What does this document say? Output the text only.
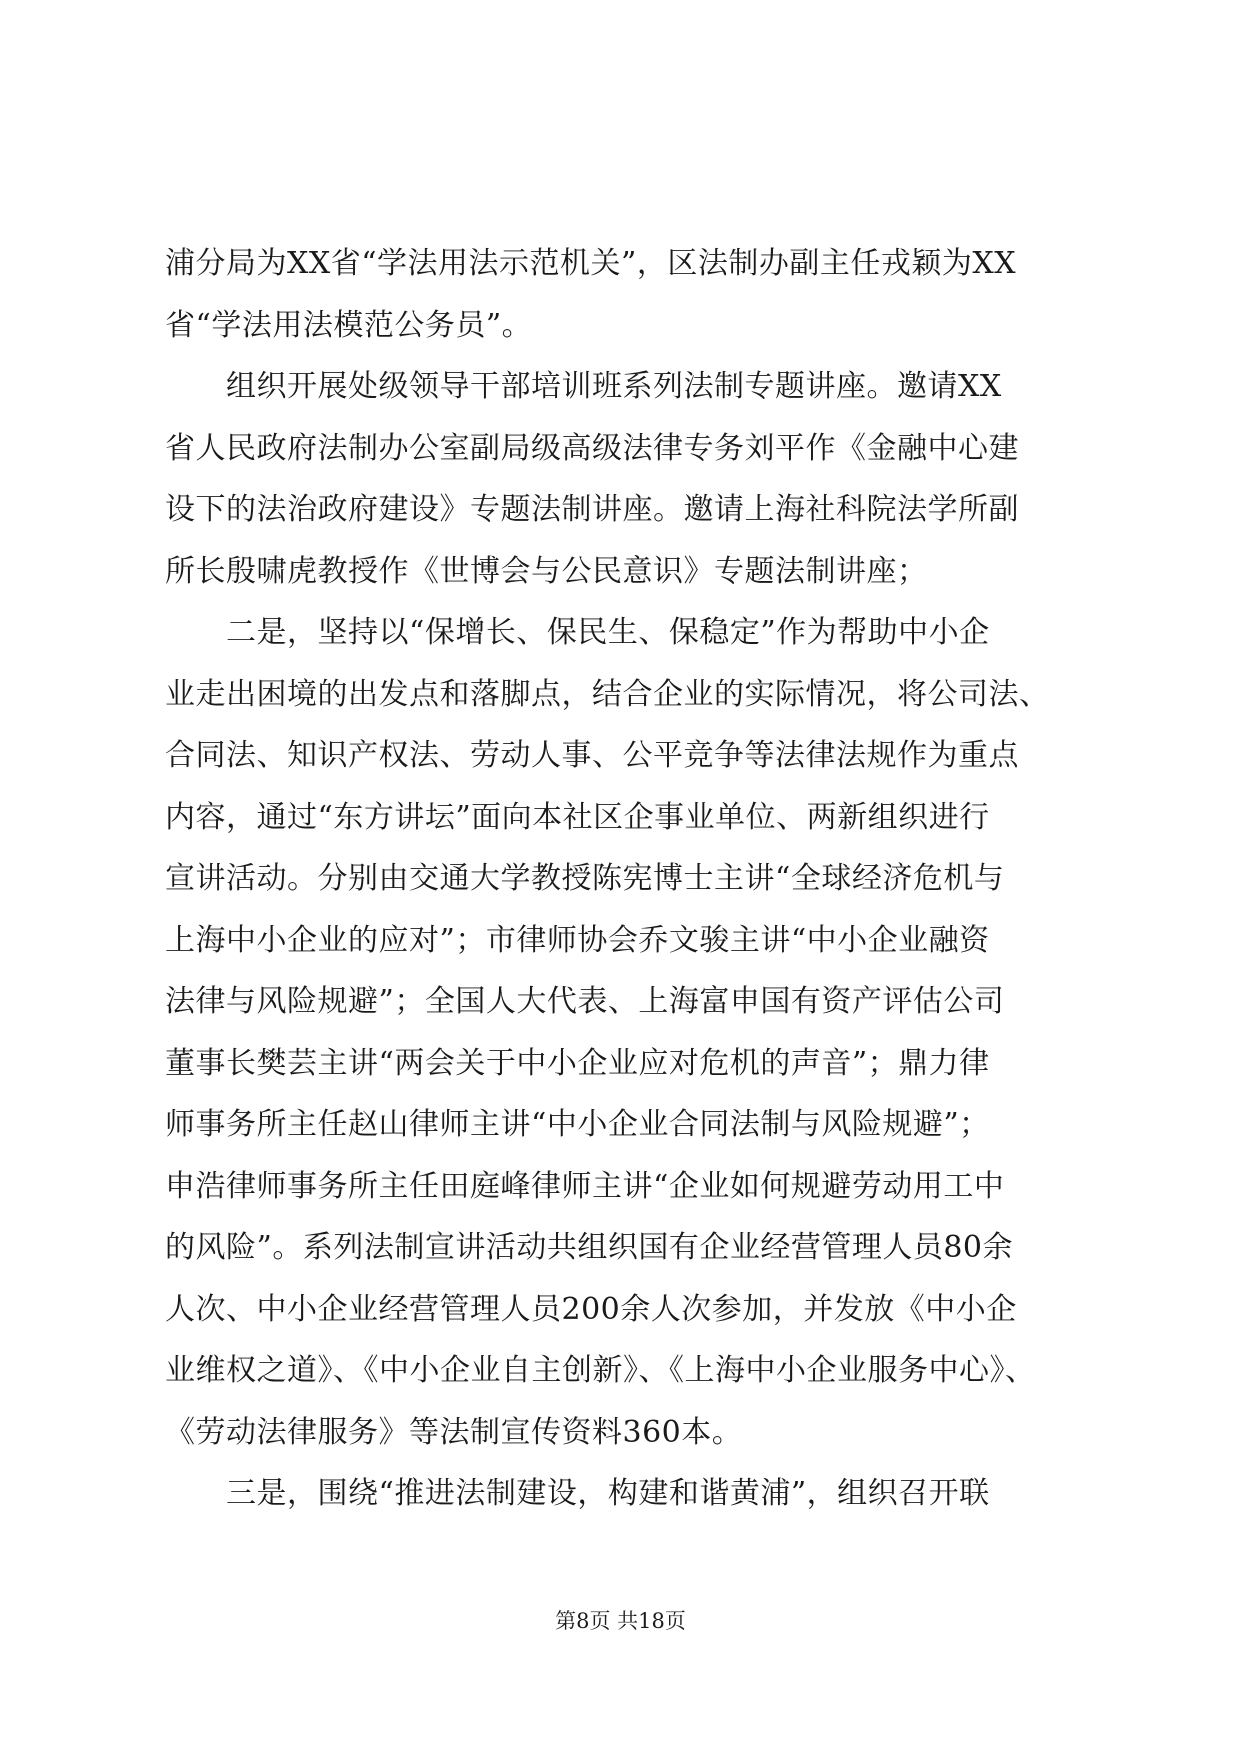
浦分局为XX省“学法用法示范机关”，区法制办副主任戎颖为XX
省“学法用法模范公务员”。
　　组织开展处级领导干部培训班系列法制专题讲座。邀请XX
省人民政府法制办公室副局级高级法律专务刘平作《金融中心建
设下的法治政府建设》专题法制讲座。邀请上海社科院法学所副
所长殷啸虎教授作《世博会与公民意识》专题法制讲座；
　　二是，坚持以“保增长、保民生、保稳定”作为帮助中小企
业走出困境的出发点和落脚点，结合企业的实际情况，将公司法、
合同法、知识产权法、劳动人事、公平竞争等法律法规作为重点
内容，通过“东方讲坛”面向本社区企事业单位、两新组织进行
宣讲活动。分别由交通大学教授陈宪博士主讲“全球经济危机与
上海中小企业的应对”；市律师协会乔文骏主讲“中小企业融资
法律与风险规避”；全国人大代表、上海富申国有资产评估公司
董事长樊芸主讲“两会关于中小企业应对危机的声音”；鼎力律
师事务所主任赵山律师主讲“中小企业合同法制与风险规避”；
申浩律师事务所主任田庭峰律师主讲“企业如何规避劳动用工中
的风险”。系列法制宣讲活动共组织国有企业经营管理人员80余
人次、中小企业经营管理人员200余人次参加，并发放《中小企
业维权之道》、《中小企业自主创新》、《上海中小企业服务中心》、
《劳动法律服务》等法制宣传资料360本。
　　三是，围绕“推进法制建设，构建和谐黄浦”，组织召开联
第8页 共18页
